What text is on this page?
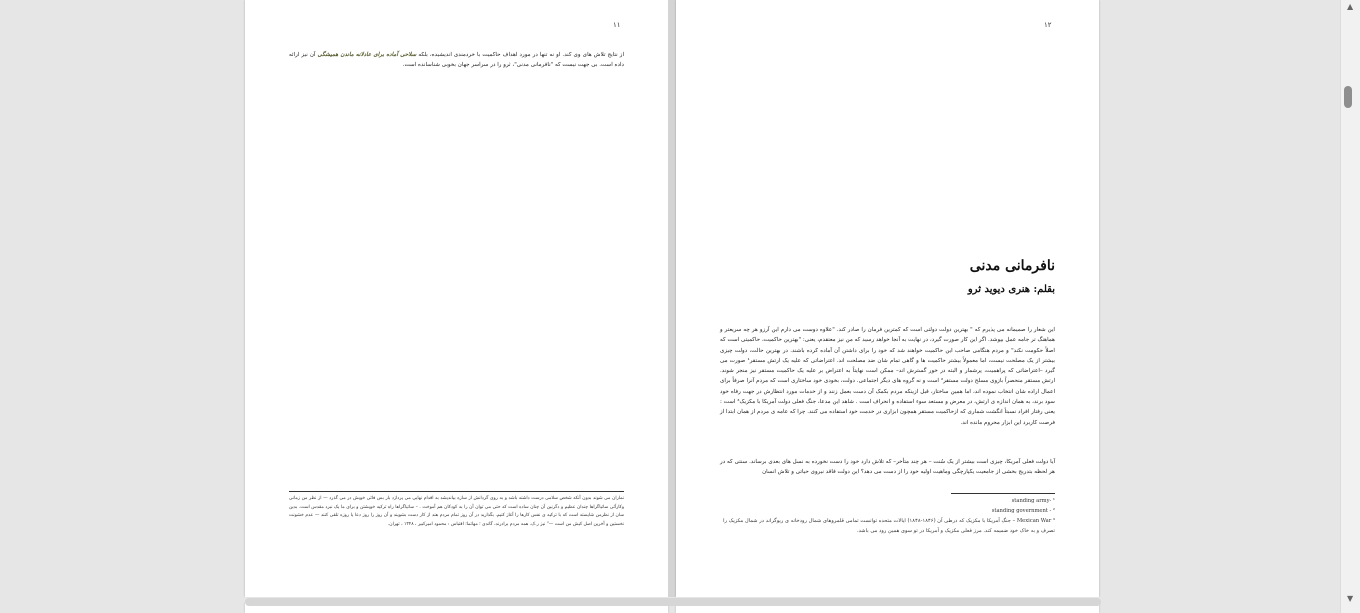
۱۱
از نتایج تلاش های وی کند. او نه تنها در مورد اهداف حاکمیت با خردمندی اندیشیده، بلکه سلاحی آماده برای عادلانه ماندن همیشگی آن نیز ارائه داده است. بی جهت نیست که "نافرمانی مدنی"، ثرو را در سراسر جهان بخوبی شناسانده است.
نماران می شوند بدون آنکه شخص سلامی درست داشته باشد و به روی گردانش از سازه بیاندیشد به اقدام نهایی می پردازد بار بس فائی خویش در می گذرد — از نظر من زمانی وکارآئی ساتیاگراها چندان عظیم و دگرنین آن چنان ساده است که حتی می توان آن را به کودکان هم آموخت . – ساتیاگراها راه ترکیه خویشتن و برای ما یک نبرد مقدس است. بدین سان از نظرمن شایسته است که با ترکیه ی نفس کارها را آغاز کنیم. بگذارید در آن روز تمام مردم هند از کار دست بشویند و آن روز را روز دعا یا روزه تلقی کنند — عدم خشونت نخستین و آخرین اصل کیش من است —" نیز ر.ک. همه مردم برادرند، گاندی ؛ مهاتما؛ اقتباس : محمود امیرکبیر ، ۱۳۴۸ ، تهران.
۱۲
نافرمانی مدنی
بقلم: هنری دیوید ثرو
این شعار را صمیمانه می پذیرم که " بهترین دولت دولتی است که کمترین فرمان را صادر کند. "علاوه دوست می دارم این آرزو هر چه سریعتر و هماهنگ تر جامه عمل بپوشد. اگر این کار صورت گیرد، در نهایت به آنجا خواهد رسید که من نیز معتقدم، یعنی: "بهترین حاکمیت، حاکمیتی است که اصلاً حکومت نکند" و مردم هنگامی صاحب این حاکمیت خواهند شد که خود را برای داشتن آن آماده کرده باشند. در بهترین حالت، دولت چیزی بیشتر از یک مصلحت نیست، اما معمولاً بیشتر حاکمیت ها و گاهی تمام شان ضد مصلحت اند. اعتراضاتی که علیه یک ارتش مستقر¹ صورت می گیرد –اعتراضاتی که پراهمیت، پرشمار و البته در خور گسترش اند– ممکن است نهایتاً به اعتراض بر علیه یک حاکمیت مستقر نیز منجر شوند. ارتش مستقر منحصراً بازوی مسلح دولت مستقر² است و نه گروه های دیگر اجتماعی. دولت، بخودی خود ساختاری است که مردم آنرا صرفاً برای اعمال اراده شان انتخاب نموده اند، اما همین ساختار، قبل ازینکه مردم بکمک آن دست بعمل زنند و از خدمات مورد انتظارش در جهت رفاه خود سود برند، به همان اندازه ی ارتش، در معرض و مستعد سوء استفاده و انحراف است . شاهد این مدعا، جنگ فعلی دولت آمریکا با مکزیک³ است : یعنی رفتار افراد نسبتاً انگشت شماری که ازحاکمیت مستقر همچون ابزاری در خدمت خود استفاده می کنند. چرا که عامه ی مردم از همان ابتدا از فرصت کاربرد این ابزار محروم مانده اند.
آیا دولت فعلی آمریکا، چیزی است بیشتر از یک سُنت – هر چند متأخر– که تلاش دارد خود را دست نخورده به نسل های بعدی برساند. سنتی که در هر لحظه بتدریج بخشی از جامعیت یکپارچگی وماهیت اولیه خود را از دست می دهد؟ این دولت فاقد نیروی حیاتی و تلاش انسان
standing army- ¹
standing government - ²
³ Mexican War – جنگ آمریکا با مکزیک که درطی آن (۱۸۴۶-۱۸۴۸) ایالات متحده توانست تمامی قلمروهای شمال رودخانه ی ریوگراند در شمال مکزیک را تصرف و به خاک خود ضمیمه کند. مرز فعلی مکزیک و آمریکا در تو سوی همین رود می باشد.
▲
▼
